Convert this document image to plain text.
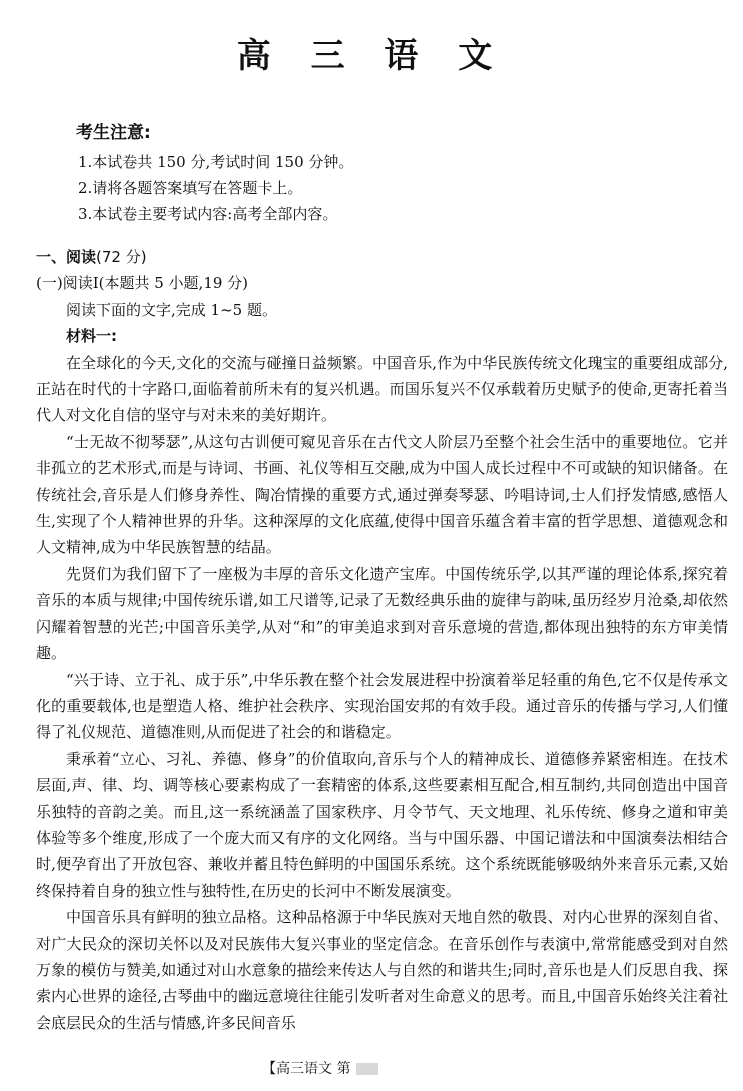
高 三 语 文
考生注意:
1.本试卷共 150 分,考试时间 150 分钟。
2.请将各题答案填写在答题卡上。
3.本试卷主要考试内容:高考全部内容。

一、阅读(72 分)

(一)阅读Ⅰ(本题共 5 小题,19 分)

阅读下面的文字,完成 1~5 题。

材料一:

在全球化的今天,文化的交流与碰撞日益频繁。中国音乐,作为中华民族传统文化瑰宝的重要组成部分,正站在时代的十字路口,面临着前所未有的复兴机遇。而国乐复兴不仅承载着历史赋予的使命,更寄托着当代人对文化自信的坚守与对未来的美好期许。

“士无故不彻琴瑟”,从这句古训便可窥见音乐在古代文人阶层乃至整个社会生活中的重要地位。它并非孤立的艺术形式,而是与诗词、书画、礼仪等相互交融,成为中国人成长过程中不可或缺的知识储备。在传统社会,音乐是人们修身养性、陶冶情操的重要方式,通过弹奏琴瑟、吟唱诗词,士人们抒发情感,感悟人生,实现了个人精神世界的升华。这种深厚的文化底蕴,使得中国音乐蕴含着丰富的哲学思想、道德观念和人文精神,成为中华民族智慧的结晶。

先贤们为我们留下了一座极为丰厚的音乐文化遗产宝库。中国传统乐学,以其严谨的理论体系,探究着音乐的本质与规律;中国传统乐谱,如工尺谱等,记录了无数经典乐曲的旋律与韵味,虽历经岁月沧桑,却依然闪耀着智慧的光芒;中国音乐美学,从对“和”的审美追求到对音乐意境的营造,都体现出独特的东方审美情趣。

“兴于诗、立于礼、成于乐”,中华乐教在整个社会发展进程中扮演着举足轻重的角色,它不仅是传承文化的重要载体,也是塑造人格、维护社会秩序、实现治国安邦的有效手段。通过音乐的传播与学习,人们懂得了礼仪规范、道德准则,从而促进了社会的和谐稳定。

秉承着“立心、习礼、养德、修身”的价值取向,音乐与个人的精神成长、道德修养紧密相连。在技术层面,声、律、均、调等核心要素构成了一套精密的体系,这些要素相互配合,相互制约,共同创造出中国音乐独特的音韵之美。而且,这一系统涵盖了国家秩序、月令节气、天文地理、礼乐传统、修身之道和审美体验等多个维度,形成了一个庞大而又有序的文化网络。当与中国乐器、中国记谱法和中国演奏法相结合时,便孕育出了开放包容、兼收并蓄且特色鲜明的中国国乐系统。这个系统既能够吸纳外来音乐元素,又始终保持着自身的独立性与独特性,在历史的长河中不断发展演变。

中国音乐具有鲜明的独立品格。这种品格源于中华民族对天地自然的敬畏、对内心世界的深刻自省、对广大民众的深切关怀以及对民族伟大复兴事业的坚定信念。在音乐创作与表演中,常常能感受到对自然万象的模仿与赞美,如通过对山水意象的描绘来传达人与自然的和谐共生;同时,音乐也是人们反思自我、探索内心世界的途径,古琴曲中的幽远意境往往能引发听者对生命意义的思考。而且,中国音乐始终关注着社会底层民众的生活与情感,许多民间音乐

【高三语文 第
